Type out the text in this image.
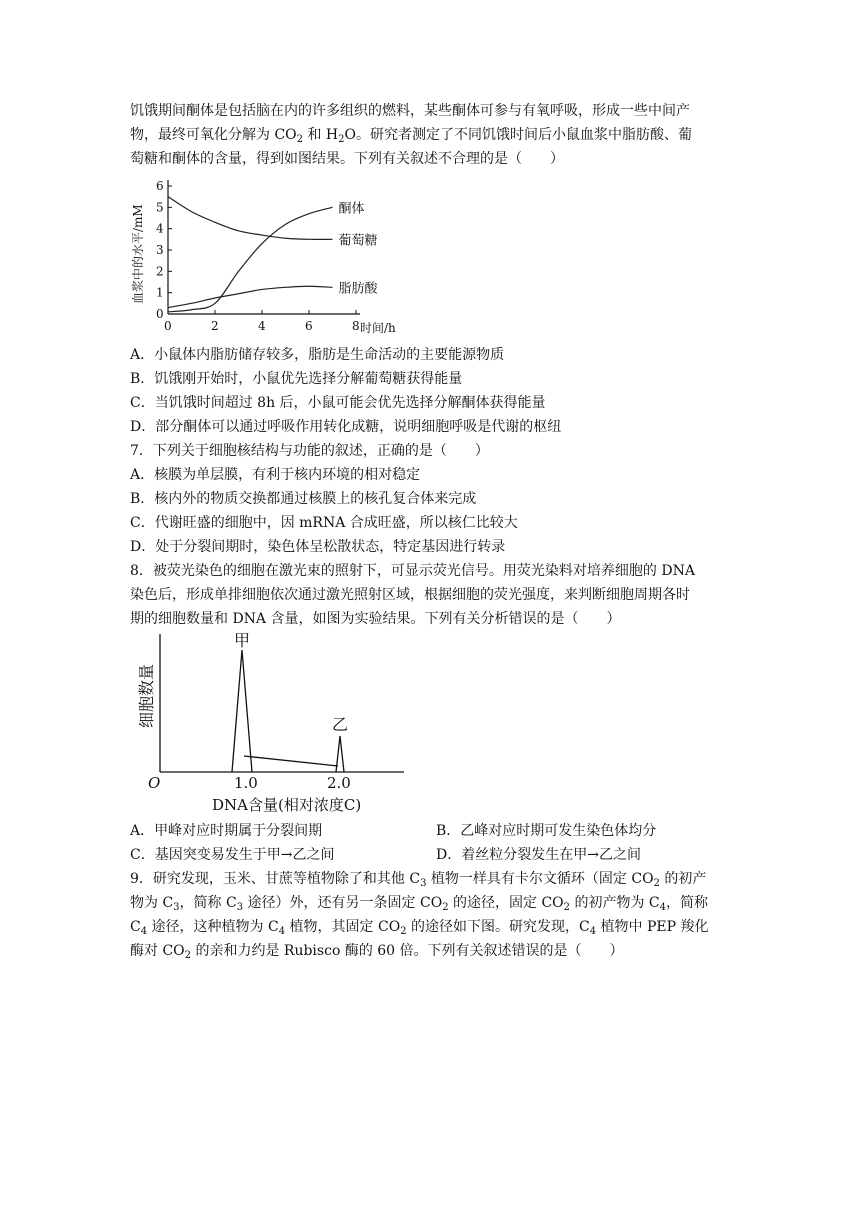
饥饿期间酮体是包括脑在内的许多组织的燃料，某些酮体可参与有氧呼吸，形成一些中间产
物，最终可氧化分解为 $CO_2$ 和 $H_2O$。研究者测定了不同饥饿时间后小鼠血浆中脂肪酸、葡
萄糖和酮体的含量，得到如图结果。下列有关叙述不合理的是（　　）
0
1
2
3
4
5
6
0	2	4	6	8 时间/h
血浆中的水平/mM	酮体
葡萄糖
脂肪酸
A．小鼠体内脂肪储存较多，脂肪是生命活动的主要能源物质
B．饥饿刚开始时，小鼠优先选择分解葡萄糖获得能量
C．当饥饿时间超过 8h 后，小鼠可能会优先选择分解酮体获得能量
D．部分酮体可以通过呼吸作用转化成糖，说明细胞呼吸是代谢的枢纽
7．下列关于细胞核结构与功能的叙述，正确的是（　　）
A．核膜为单层膜，有利于核内环境的相对稳定
B．核内外的物质交换都通过核膜上的核孔复合体来完成
C．代谢旺盛的细胞中，因 mRNA 合成旺盛，所以核仁比较大
D．处于分裂间期时，染色体呈松散状态，特定基因进行转录
8．被荧光染色的细胞在激光束的照射下，可显示荧光信号。用荧光染料对培养细胞的 DNA
染色后，形成单排细胞依次通过激光照射区域，根据细胞的荧光强度，来判断细胞周期各时
期的细胞数量和 DNA 含量，如图为实验结果。下列有关分析错误的是（　　）
细胞数量
O	1.0	2.0
DNA含量(相对浓度C)
甲
乙
A．甲峰对应时期属于分裂间期	B．乙峰对应时期可发生染色体均分
C．基因突变易发生于甲→乙之间	D．着丝粒分裂发生在甲→乙之间
9．研究发现，玉米、甘蔗等植物除了和其他 $C_3$ 植物一样具有卡尔文循环（固定 $CO_2$ 的初产
物为 $C_3$，简称 $C_3$ 途径）外，还有另一条固定 $CO_2$ 的途径，固定 $CO_2$ 的初产物为 $C_4$，简称
$C_4$ 途径，这种植物为 $C_4$ 植物，其固定 $CO_2$ 的途径如下图。研究发现，$C_4$ 植物中 PEP 羧化
酶对 $CO_2$ 的亲和力约是 Rubisco 酶的 60 倍。下列有关叙述错误的是（　　）
